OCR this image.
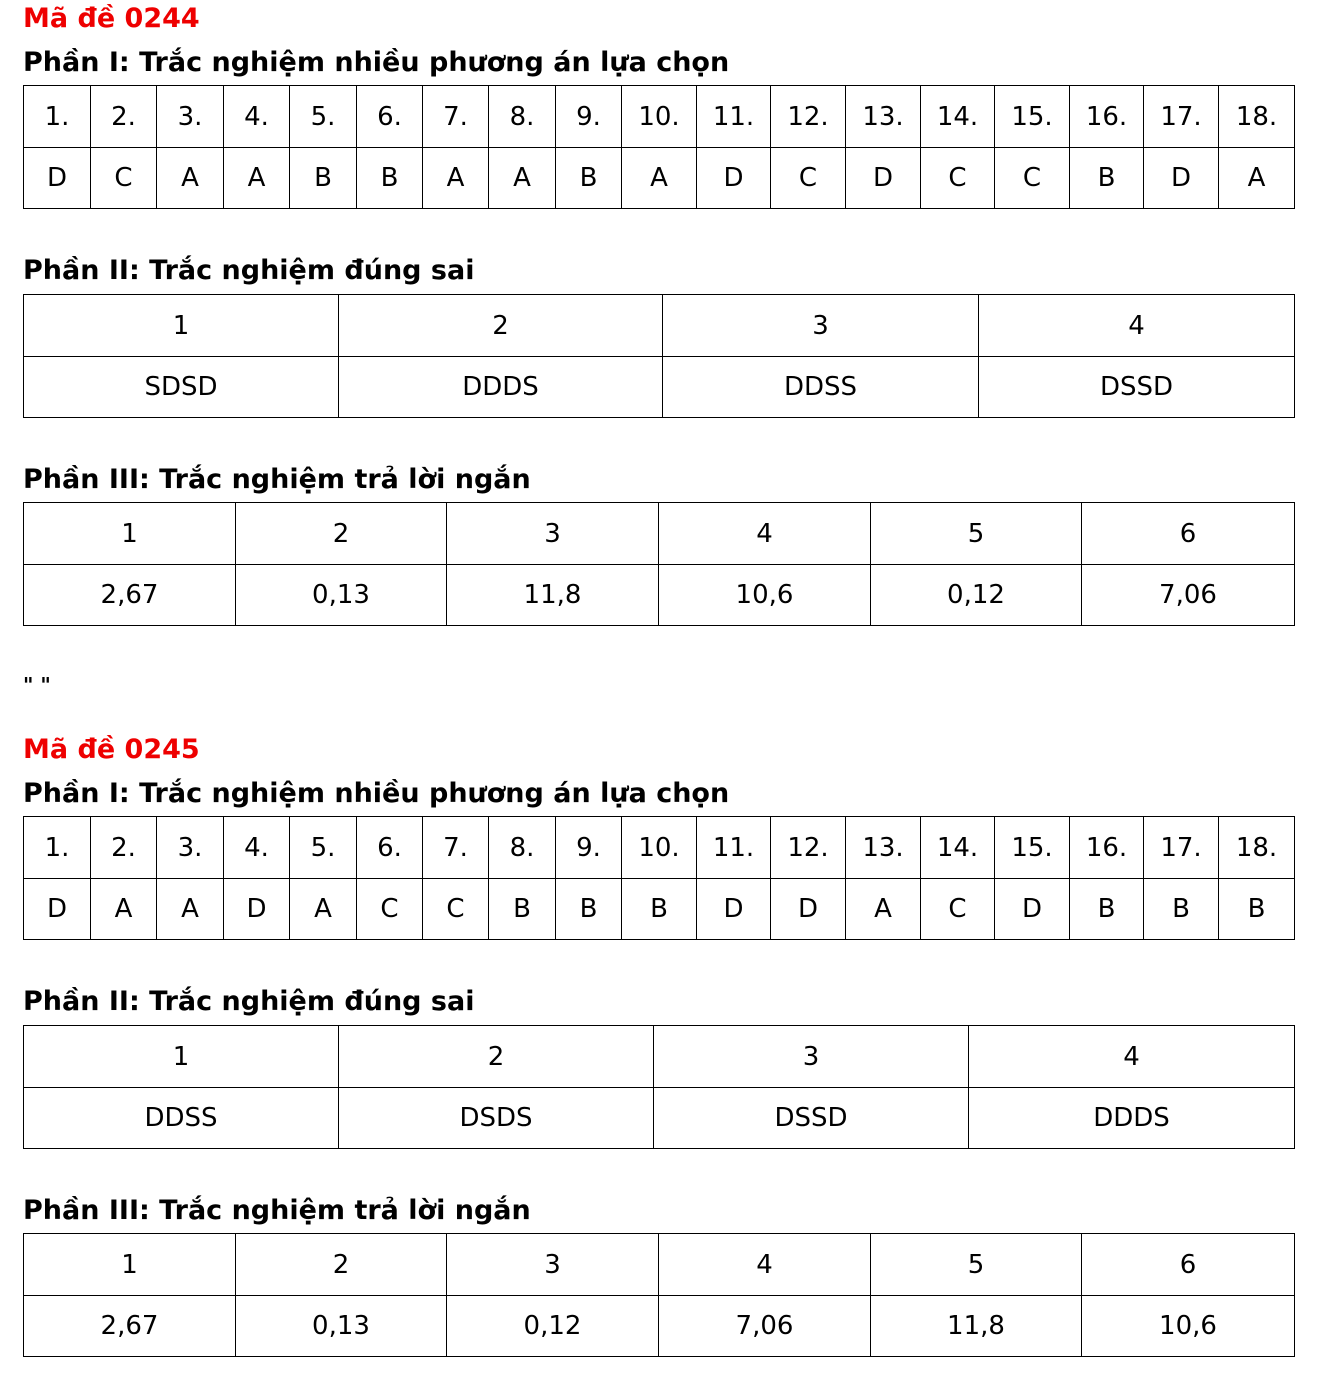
Mã đề 0244
Phần I: Trắc nghiệm nhiều phương án lựa chọn
1.	2.	3.	4.	5.	6.	7.	8.	9.	10.	11.	12.	13.	14.	15.	16.	17.	18.
D	C	A	A	B	B	A	A	B	A	D	C	D	C	C	B	D	A
Phần II: Trắc nghiệm đúng sai
1	2	3	4
SDSD	DDDS	DDSS	DSSD
Phần III: Trắc nghiệm trả lời ngắn
1	2	3	4	5	6
2,67	0,13	11,8	10,6	0,12	7,06
" "
Mã đề 0245
Phần I: Trắc nghiệm nhiều phương án lựa chọn
1.	2.	3.	4.	5.	6.	7.	8.	9.	10.	11.	12.	13.	14.	15.	16.	17.	18.
D	A	A	D	A	C	C	B	B	B	D	D	A	C	D	B	B	B
Phần II: Trắc nghiệm đúng sai
1	2	3	4
DDSS	DSDS	DSSD	DDDS
Phần III: Trắc nghiệm trả lời ngắn
1	2	3	4	5	6
2,67	0,13	0,12	7,06	11,8	10,6
